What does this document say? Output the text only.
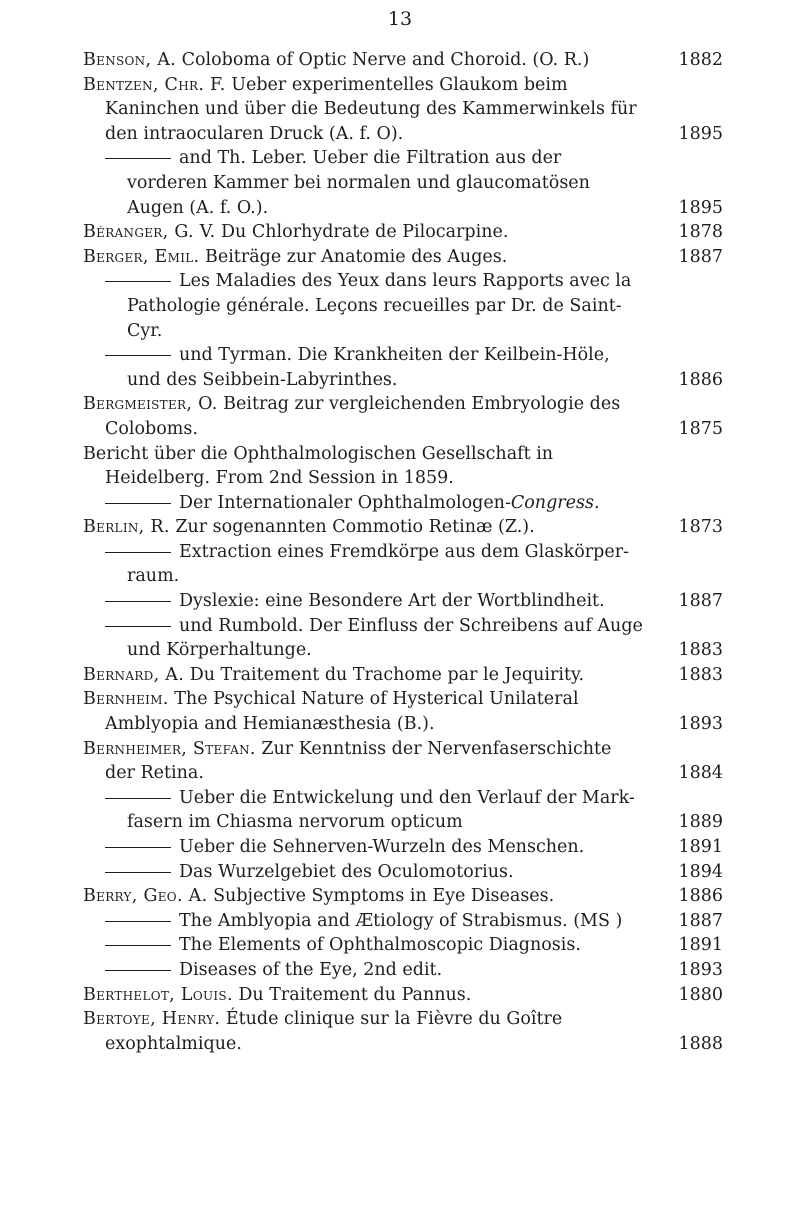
13
Benson, A. Coloboma of Optic Nerve and Choroid. (O. R.)	1882
Bentzen, Chr. F. Ueber experimentelles Glaukom beim Kaninchen und über die Bedeutung des Kammerwinkels für den intraocularen Druck (A. f. O).	1895
and Th. Leber. Ueber die Filtration aus der vorderen Kammer bei normalen und glaucomatösen Augen (A. f. O.).	1895
Béranger, G. V. Du Chlorhydrate de Pilocarpine.	1878
Berger, Emil. Beiträge zur Anatomie des Auges.	1887
Les Maladies des Yeux dans leurs Rapports avec la Pathologie générale. Leçons recueilles par Dr. de Saint-Cyr.
und Tyrman. Die Krankheiten der Keilbein-Höle, und des Seibbein-Labyrinthes.	1886
Bergmeister, O. Beitrag zur vergleichenden Embryologie des Colobоms.	1875
Bericht über die Ophthalmologischen Gesellschaft in Heidelberg. From 2nd Session in 1859.
Der Internationaler Ophthalmologen-Congress.
Berlin, R. Zur sogenannten Commotio Retinæ (Z.).	1873
Extraction eines Fremdkörpe aus dem Glaskörper-raum.
Dyslexie: eine Besondere Art der Wortblindheit.	1887
und Rumbold. Der Einfluss der Schreibens auf Auge und Körperhaltunge.	1883
Bernard, A. Du Traitement du Trachome par le Jequirity.	1883
Bernheim. The Psychical Nature of Hysterical Unilateral Amblyopia and Hemianæsthesia (B.).	1893
Bernheimer, Stefan. Zur Kenntniss der Nervenfaserschichte der Retina.	1884
Ueber die Entwickelung und den Verlauf der Mark-fasern im Chiasma nervorum opticum	1889
Ueber die Sehnerven-Wurzeln des Menschen.	1891
Das Wurzelgebiet des Oculomotorius.	1894
Berry, Geo. A. Subjective Symptoms in Eye Diseases.	1886
The Amblyopia and Ætiology of Strabismus. (MS )	1887
The Elements of Ophthalmoscopic Diagnosis.	1891
Diseases of the Eye, 2nd edit.	1893
Berthelot, Louis. Du Traitement du Pannus.	1880
Bertoye, Henry. Étude clinique sur la Fièvre du Goître exophtalmique.	1888
